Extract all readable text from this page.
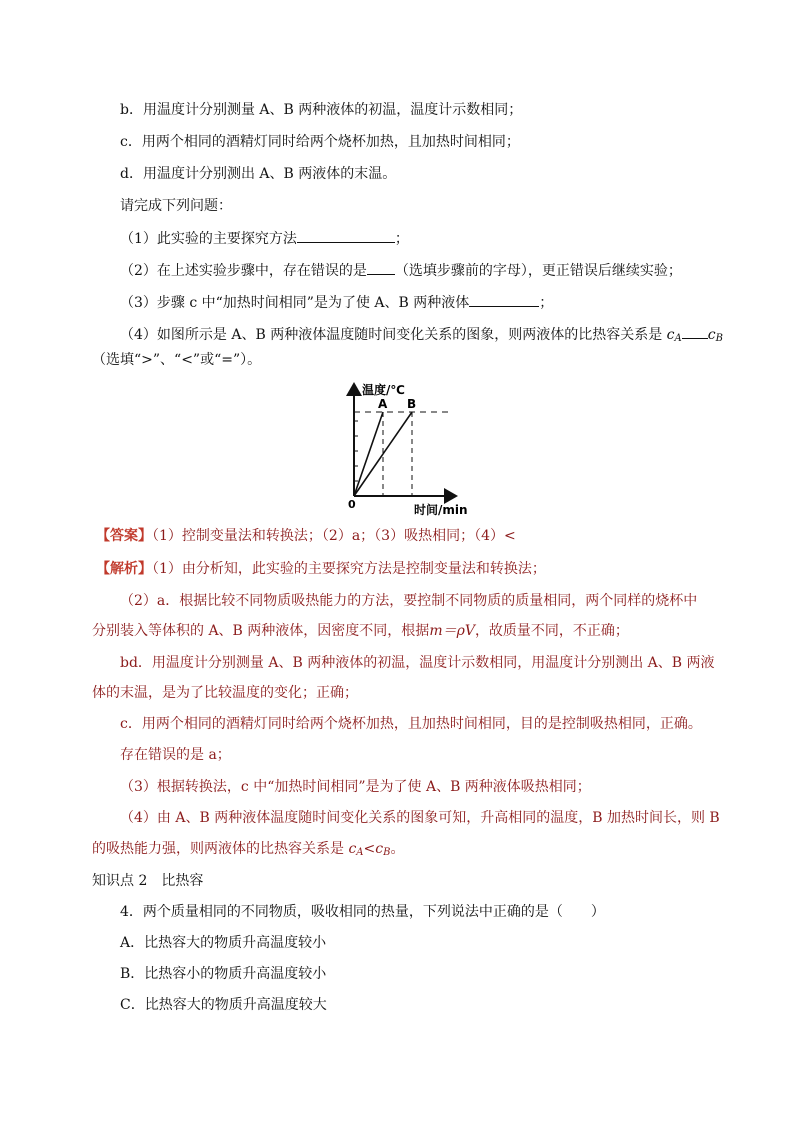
b．用温度计分别测量 A、B 两种液体的初温，温度计示数相同；
c．用两个相同的酒精灯同时给两个烧杯加热，且加热时间相同；
d．用温度计分别测出 A、B 两液体的末温。
请完成下列问题：
（1）此实验的主要探究方法	；
（2）在上述实验步骤中，存在错误的是 （选填步骤前的字母），更正错误后继续实验；
（3）步骤 c 中“加热时间相同”是为了使 A、B 两种液体	；
（4）如图所示是 A、B 两种液体温度随时间变化关系的图象，则两液体的比热容关系是 $c_A$ $c_B$
（选填“>”、“<”或“=”）。
A B
温度/℃
时间/min
0
【答案】（1）控制变量法和转换法；（2）a；（3）吸热相同；（4）<
【解析】（1）由分析知，此实验的主要探究方法是控制变量法和转换法；
（2）a．根据比较不同物质吸热能力的方法，要控制不同物质的质量相同，两个同样的烧杯中
分别装入等体积的 A、B 两种液体，因密度不同，根据m＝ρV，故质量不同，不正确；
bd．用温度计分别测量 A、B 两种液体的初温，温度计示数相同，用温度计分别测出 A、B 两液
体的末温，是为了比较温度的变化；正确；
c．用两个相同的酒精灯同时给两个烧杯加热，且加热时间相同，目的是控制吸热相同，正确。
存在错误的是 a；
（3）根据转换法，c 中“加热时间相同”是为了使 A、B 两种液体吸热相同；
（4）由 A、B 两种液体温度随时间变化关系的图象可知，升高相同的温度，B 加热时间长，则 B
的吸热能力强，则两液体的比热容关系是 $c_A<c_B$。
知识点 2　比热容
4．两个质量相同的不同物质，吸收相同的热量，下列说法中正确的是（　　）
A．比热容大的物质升高温度较小
B．比热容小的物质升高温度较小
C．比热容大的物质升高温度较大
